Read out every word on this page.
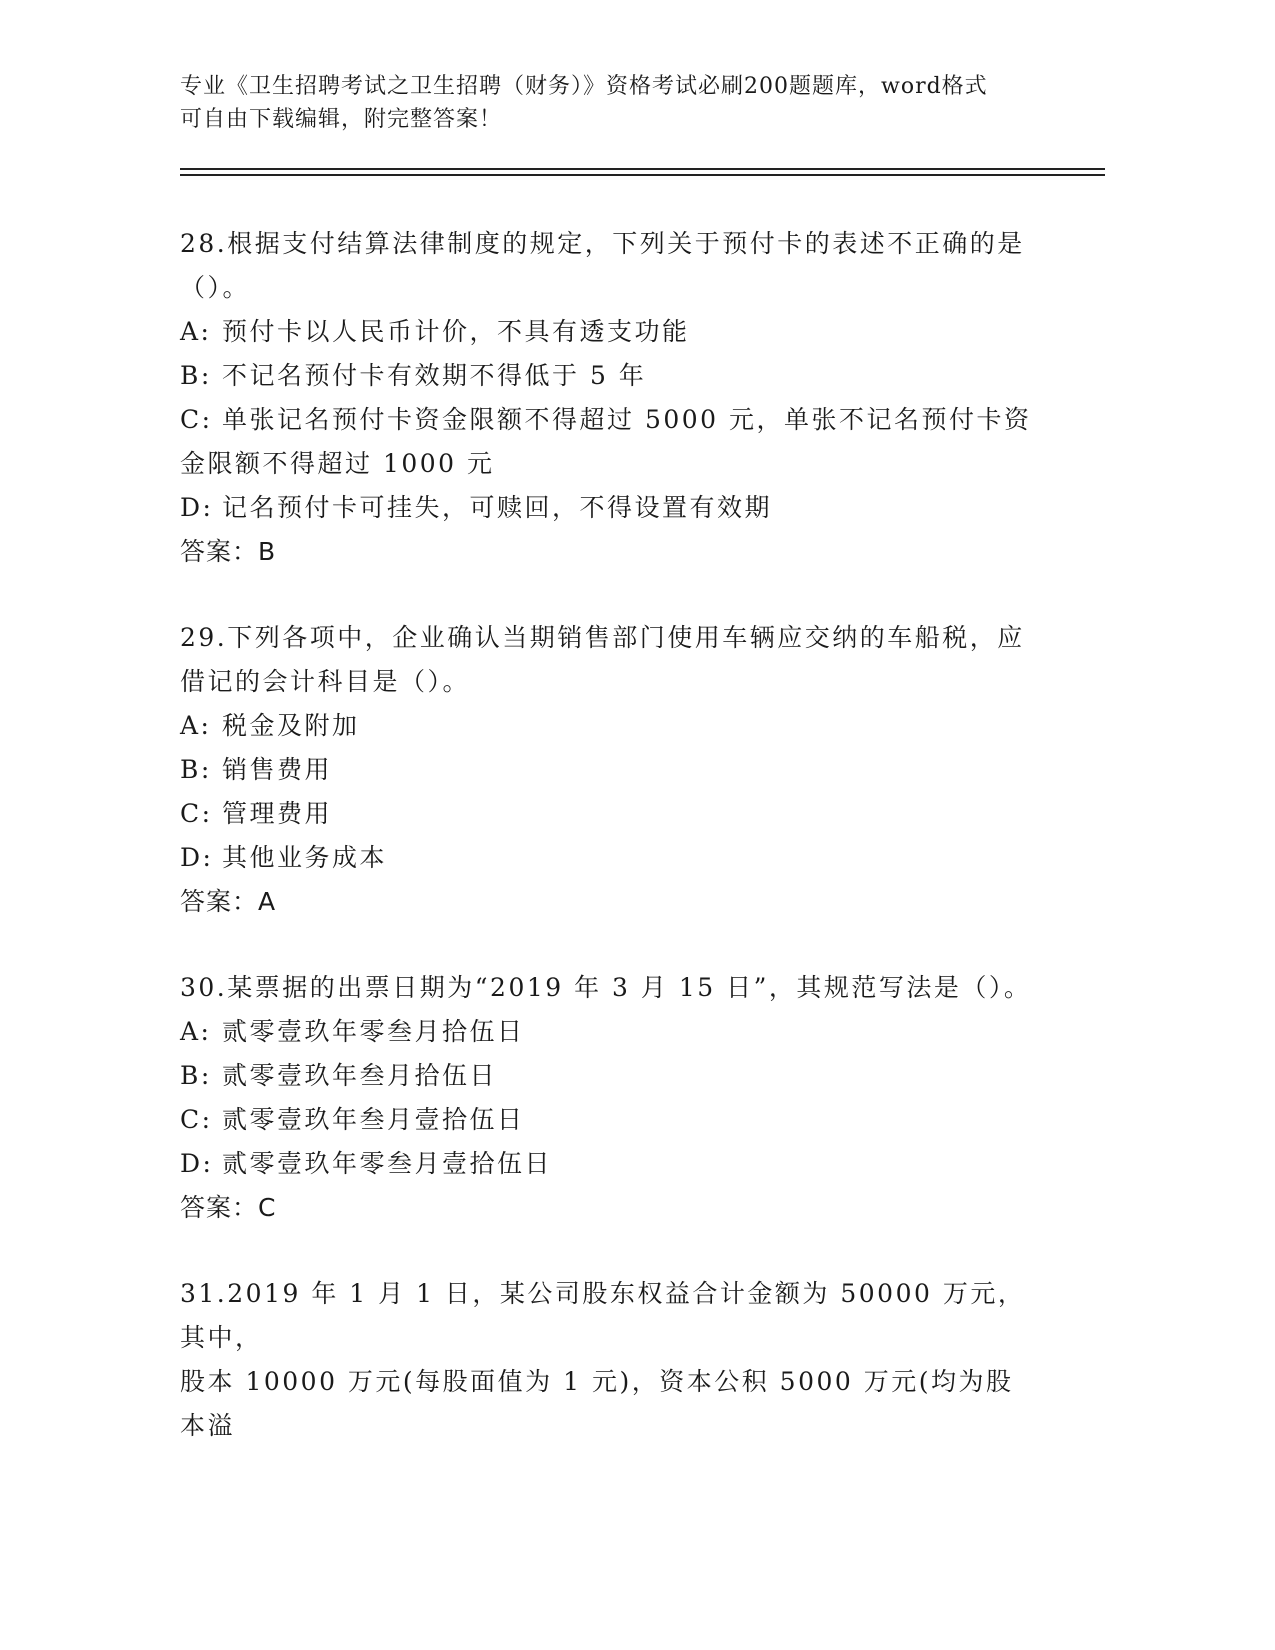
专业《卫生招聘考试之卫生招聘（财务）》资格考试必刷200题题库，word格式
可自由下载编辑，附完整答案！

28.根据支付结算法律制度的规定，下列关于预付卡的表述不正确的是

（）。

A: 预付卡以人民币计价，不具有透支功能

B: 不记名预付卡有效期不得低于 5 年

C: 单张记名预付卡资金限额不得超过 5000 元，单张不记名预付卡资

金限额不得超过 1000 元

D: 记名预付卡可挂失，可赎回，不得设置有效期

答案：B

29.下列各项中，企业确认当期销售部门使用车辆应交纳的车船税，应

借记的会计科目是（）。

A: 税金及附加

B: 销售费用

C: 管理费用

D: 其他业务成本

答案：A

30.某票据的出票日期为“2019 年 3 月 15 日”，其规范写法是（）。

A: 贰零壹玖年零叁月拾伍日

B: 贰零壹玖年叁月拾伍日

C: 贰零壹玖年叁月壹拾伍日

D: 贰零壹玖年零叁月壹拾伍日

答案：C

31.2019 年 1 月 1 日，某公司股东权益合计金额为 50000 万元，其中，

股本 10000 万元(每股面值为 1 元)，资本公积 5000 万元(均为股本溢
